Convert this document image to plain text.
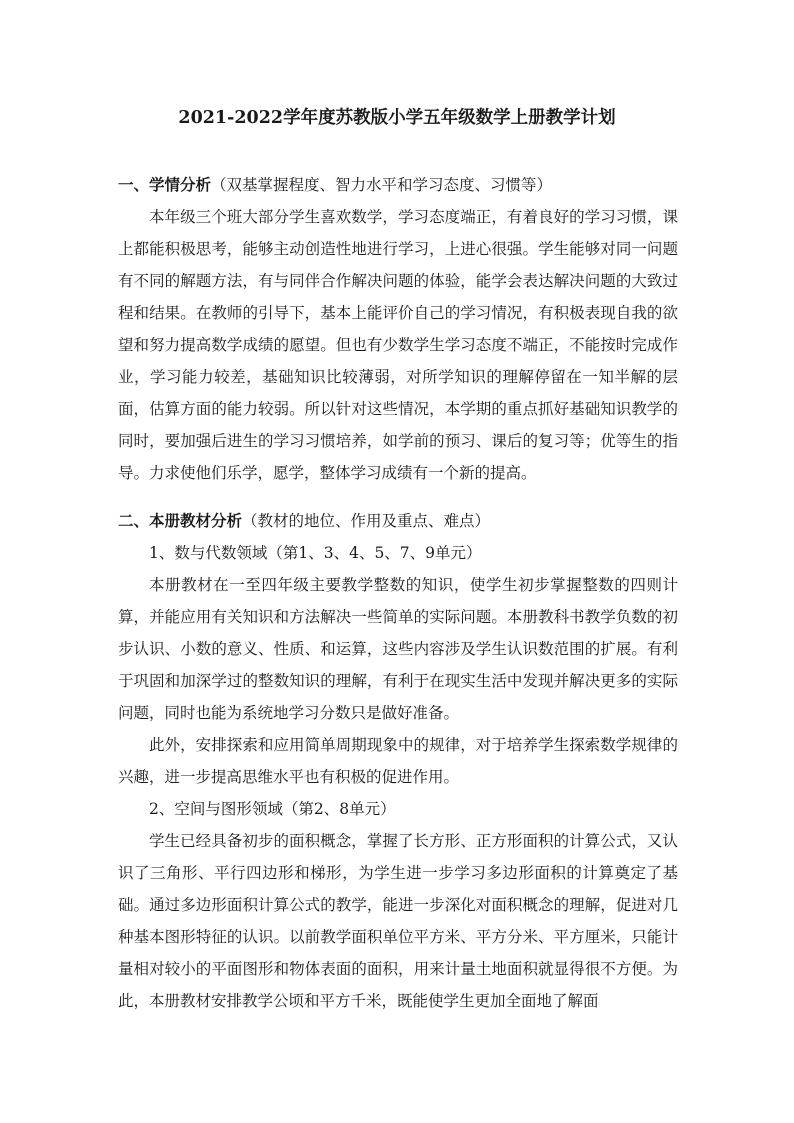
2021-2022学年度苏教版小学五年级数学上册教学计划
一、学情分析（双基掌握程度、智力水平和学习态度、习惯等）

本年级三个班大部分学生喜欢数学，学习态度端正，有着良好的学习习惯，课上都能积极思考，能够主动创造性地进行学习，上进心很强。学生能够对同一问题有不同的解题方法，有与同伴合作解决问题的体验，能学会表达解决问题的大致过程和结果。在教师的引导下，基本上能评价自己的学习情况，有积极表现自我的欲望和努力提高数学成绩的愿望。但也有少数学生学习态度不端正，不能按时完成作业，学习能力较差，基础知识比较薄弱，对所学知识的理解停留在一知半解的层面，估算方面的能力较弱。所以针对这些情况，本学期的重点抓好基础知识教学的同时，要加强后进生的学习习惯培养，如学前的预习、课后的复习等；优等生的指导。力求使他们乐学，愿学，整体学习成绩有一个新的提高。

二、本册教材分析（教材的地位、作用及重点、难点）
1、数与代数领域（第1、3、4、5、7、9单元）

本册教材在一至四年级主要教学整数的知识，使学生初步掌握整数的四则计算，并能应用有关知识和方法解决一些简单的实际问题。本册教科书教学负数的初步认识、小数的意义、性质、和运算，这些内容涉及学生认识数范围的扩展。有利于巩固和加深学过的整数知识的理解，有利于在现实生活中发现并解决更多的实际问题，同时也能为系统地学习分数只是做好准备。

此外，安排探索和应用简单周期现象中的规律，对于培养学生探索数学规律的兴趣，进一步提高思维水平也有积极的促进作用。

2、空间与图形领域（第2、8单元）

学生已经具备初步的面积概念，掌握了长方形、正方形面积的计算公式，又认识了三角形、平行四边形和梯形，为学生进一步学习多边形面积的计算奠定了基础。通过多边形面积计算公式的教学，能进一步深化对面积概念的理解，促进对几种基本图形特征的认识。以前教学面积单位平方米、平方分米、平方厘米，只能计量相对较小的平面图形和物体表面的面积，用来计量土地面积就显得很不方便。为此，本册教材安排教学公顷和平方千米，既能使学生更加全面地了解面
